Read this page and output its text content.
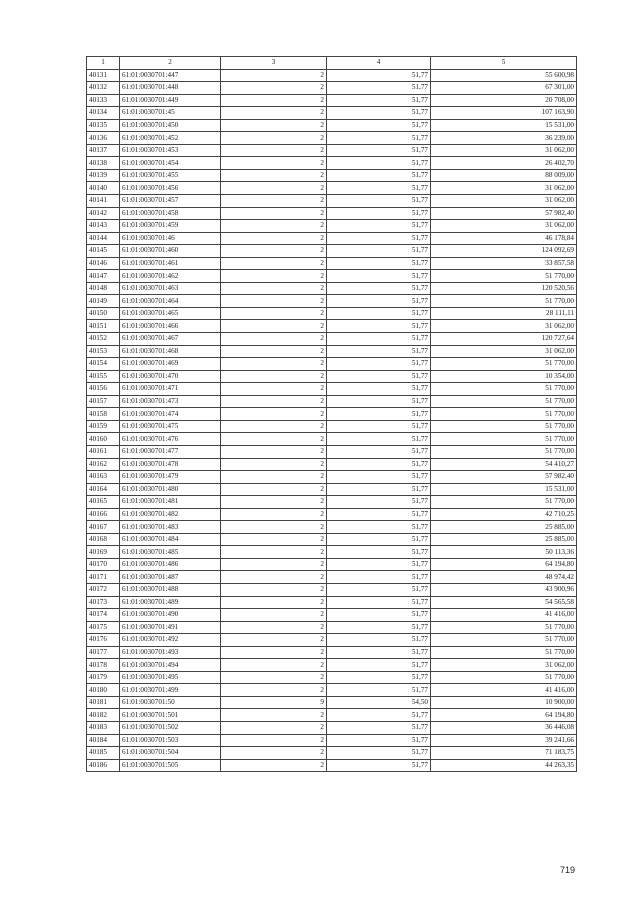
1	2	3	4	5
40131	61:01:0030701:447	2	51,77	55 600,98
40132	61:01:0030701:448	2	51,77	67 301,00
40133	61:01:0030701:449	2	51,77	20 708,00
40134	61:01:0030701:45	2	51,77	107 163,90
40135	61:01:0030701:450	2	51,77	15 531,00
40136	61:01:0030701:452	2	51,77	36 239,00
40137	61:01:0030701:453	2	51,77	31 062,00
40138	61:01:0030701:454	2	51,77	26 402,70
40139	61:01:0030701:455	2	51,77	88 009,00
40140	61:01:0030701:456	2	51,77	31 062,00
40141	61:01:0030701:457	2	51,77	31 062,00
40142	61:01:0030701:458	2	51,77	57 982,40
40143	61:01:0030701:459	2	51,77	31 062,00
40144	61:01:0030701:46	2	51,77	46 178,84
40145	61:01:0030701:460	2	51,77	124 092,69
40146	61:01:0030701:461	2	51,77	33 857,58
40147	61:01:0030701:462	2	51,77	51 770,00
40148	61:01:0030701:463	2	51,77	120 520,56
40149	61:01:0030701:464	2	51,77	51 770,00
40150	61:01:0030701:465	2	51,77	28 111,11
40151	61:01:0030701:466	2	51,77	31 062,00
40152	61:01:0030701:467	2	51,77	120 727,64
40153	61:01:0030701:468	2	51,77	31 062,00
40154	61:01:0030701:469	2	51,77	51 770,00
40155	61:01:0030701:470	2	51,77	10 354,00
40156	61:01:0030701:471	2	51,77	51 770,00
40157	61:01:0030701:473	2	51,77	51 770,00
40158	61:01:0030701:474	2	51,77	51 770,00
40159	61:01:0030701:475	2	51,77	51 770,00
40160	61:01:0030701:476	2	51,77	51 770,00
40161	61:01:0030701:477	2	51,77	51 770,00
40162	61:01:0030701:478	2	51,77	54 410,27
40163	61:01:0030701:479	2	51,77	57 982,40
40164	61:01:0030701:480	2	51,77	15 531,00
40165	61:01:0030701:481	2	51,77	51 770,00
40166	61:01:0030701:482	2	51,77	42 710,25
40167	61:01:0030701:483	2	51,77	25 885,00
40168	61:01:0030701:484	2	51,77	25 885,00
40169	61:01:0030701:485	2	51,77	50 113,36
40170	61:01:0030701:486	2	51,77	64 194,80
40171	61:01:0030701:487	2	51,77	48 974,42
40172	61:01:0030701:488	2	51,77	43 900,96
40173	61:01:0030701:489	2	51,77	54 565,58
40174	61:01:0030701:490	2	51,77	41 416,00
40175	61:01:0030701:491	2	51,77	51 770,00
40176	61:01:0030701:492	2	51,77	51 770,00
40177	61:01:0030701:493	2	51,77	51 770,00
40178	61:01:0030701:494	2	51,77	31 062,00
40179	61:01:0030701:495	2	51,77	51 770,00
40180	61:01:0030701:499	2	51,77	41 416,00
40181	61:01:0030701:50	9	54,50	10 900,00
40182	61:01:0030701:501	2	51,77	64 194,80
40183	61:01:0030701:502	2	51,77	36 446,08
40184	61:01:0030701:503	2	51,77	39 241,66
40185	61:01:0030701:504	2	51,77	71 183,75
40186	61:01:0030701:505	2	51,77	44 263,35
719
